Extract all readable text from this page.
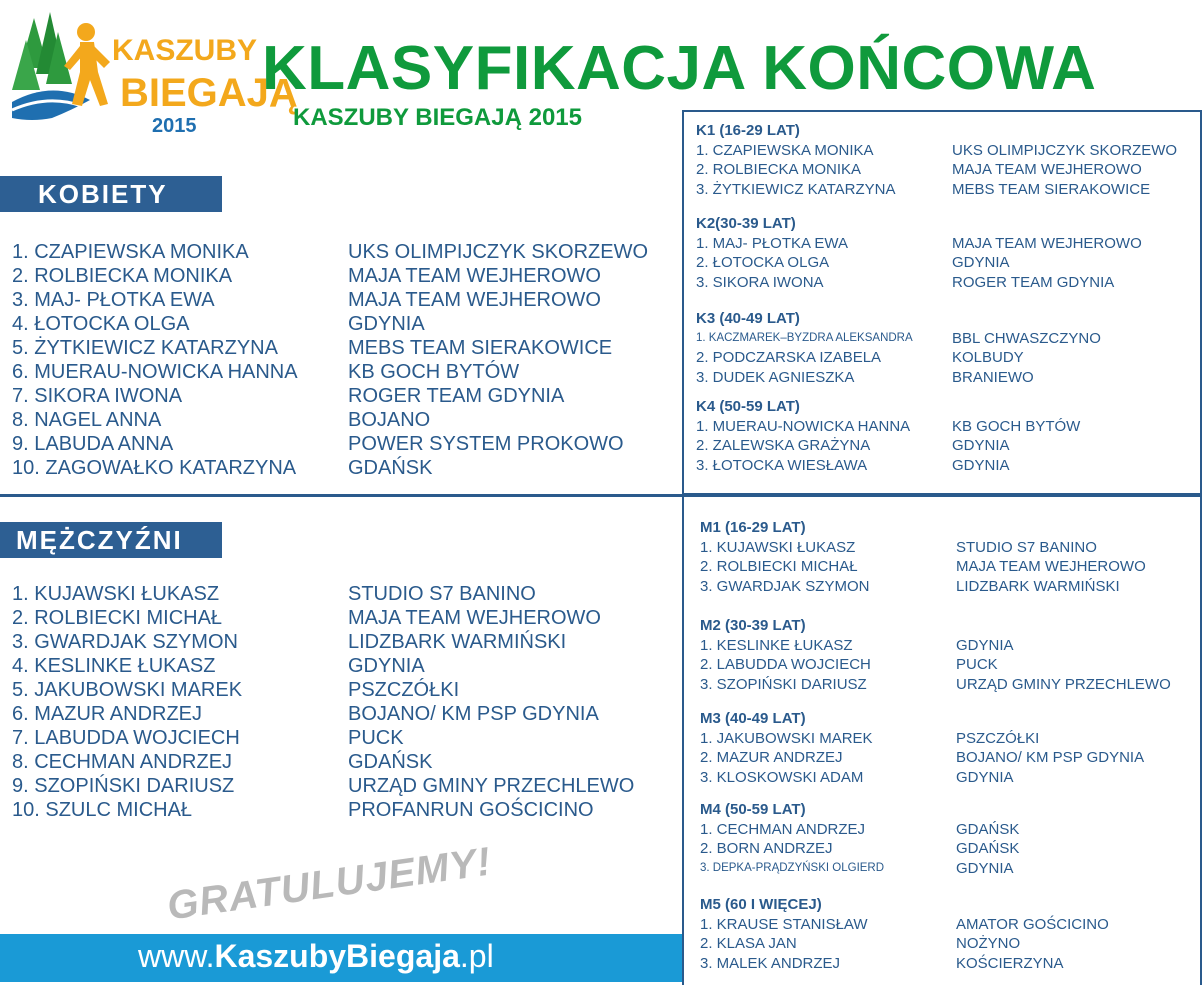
KASZUBY
BIEGAJĄ
2015
KLASYFIKACJA KOŃCOWA
KASZUBY BIEGAJĄ 2015
KOBIETY
1. CZAPIEWSKA MONIKA	UKS OLIMPIJCZYK SKORZEWO
2. ROLBIECKA MONIKA	MAJA TEAM WEJHEROWO
3. MAJ- PŁOTKA EWA	MAJA TEAM WEJHEROWO
4. ŁOTOCKA OLGA	GDYNIA
5. ŻYTKIEWICZ KATARZYNA	MEBS TEAM SIERAKOWICE
6. MUERAU-NOWICKA HANNA	KB GOCH BYTÓW
7. SIKORA IWONA	ROGER TEAM GDYNIA
8. NAGEL ANNA	BOJANO
9. LABUDA ANNA	POWER SYSTEM PROKOWO
10. ZAGOWAŁKO KATARZYNA	GDAŃSK
MĘŻCZYŹNI
1. KUJAWSKI ŁUKASZ	STUDIO S7 BANINO
2. ROLBIECKI MICHAŁ	MAJA TEAM WEJHEROWO
3. GWARDJAK SZYMON	LIDZBARK WARMIŃSKI
4. KESLINKE ŁUKASZ	GDYNIA
5. JAKUBOWSKI MAREK	PSZCZÓŁKI
6. MAZUR ANDRZEJ	BOJANO/ KM PSP GDYNIA
7. LABUDDA WOJCIECH	PUCK
8. CECHMAN ANDRZEJ	GDAŃSK
9. SZOPIŃSKI DARIUSZ	URZĄD GMINY PRZECHLEWO
10. SZULC MICHAŁ	PROFANRUN GOŚCICINO
GRATULUJEMY!
www.KaszubyBiegaja.pl
K1 (16-29 LAT)
1. CZAPIEWSKA MONIKA	UKS OLIMPIJCZYK SKORZEWO
2. ROLBIECKA MONIKA	MAJA TEAM WEJHEROWO
3. ŻYTKIEWICZ KATARZYNA	MEBS TEAM SIERAKOWICE
K2(30-39 LAT)
1. MAJ- PŁOTKA EWA	MAJA TEAM WEJHEROWO
2. ŁOTOCKA OLGA	GDYNIA
3. SIKORA IWONA	ROGER TEAM GDYNIA
K3 (40-49 LAT)
1. KACZMAREK–BYZDRA ALEKSANDRA	BBL CHWASZCZYNO
2. PODCZARSKA IZABELA	KOLBUDY
3. DUDEK AGNIESZKA	BRANIEWO
K4 (50-59 LAT)
1. MUERAU-NOWICKA HANNA	KB GOCH BYTÓW
2. ZALEWSKA GRAŻYNA	GDYNIA
3. ŁOTOCKA WIESŁAWA	GDYNIA
M1 (16-29 LAT)
1. KUJAWSKI ŁUKASZ	STUDIO S7 BANINO
2. ROLBIECKI MICHAŁ	MAJA TEAM WEJHEROWO
3. GWARDJAK SZYMON	LIDZBARK WARMIŃSKI
M2 (30-39 LAT)
1. KESLINKE ŁUKASZ	GDYNIA
2. LABUDDA WOJCIECH	PUCK
3. SZOPIŃSKI DARIUSZ	URZĄD GMINY PRZECHLEWO
M3 (40-49 LAT)
1. JAKUBOWSKI MAREK	PSZCZÓŁKI
2. MAZUR ANDRZEJ	BOJANO/ KM PSP GDYNIA
3. KLOSKOWSKI ADAM	GDYNIA
M4 (50-59 LAT)
1. CECHMAN ANDRZEJ	GDAŃSK
2. BORN ANDRZEJ	GDAŃSK
3. DEPKA-PRĄDZYŃSKI OLGIERD	GDYNIA
M5 (60 I WIĘCEJ)
1. KRAUSE STANISŁAW	AMATOR GOŚCICINO
2. KLASA JAN	NOŻYNO
3. MALEK ANDRZEJ	KOŚCIERZYNA
